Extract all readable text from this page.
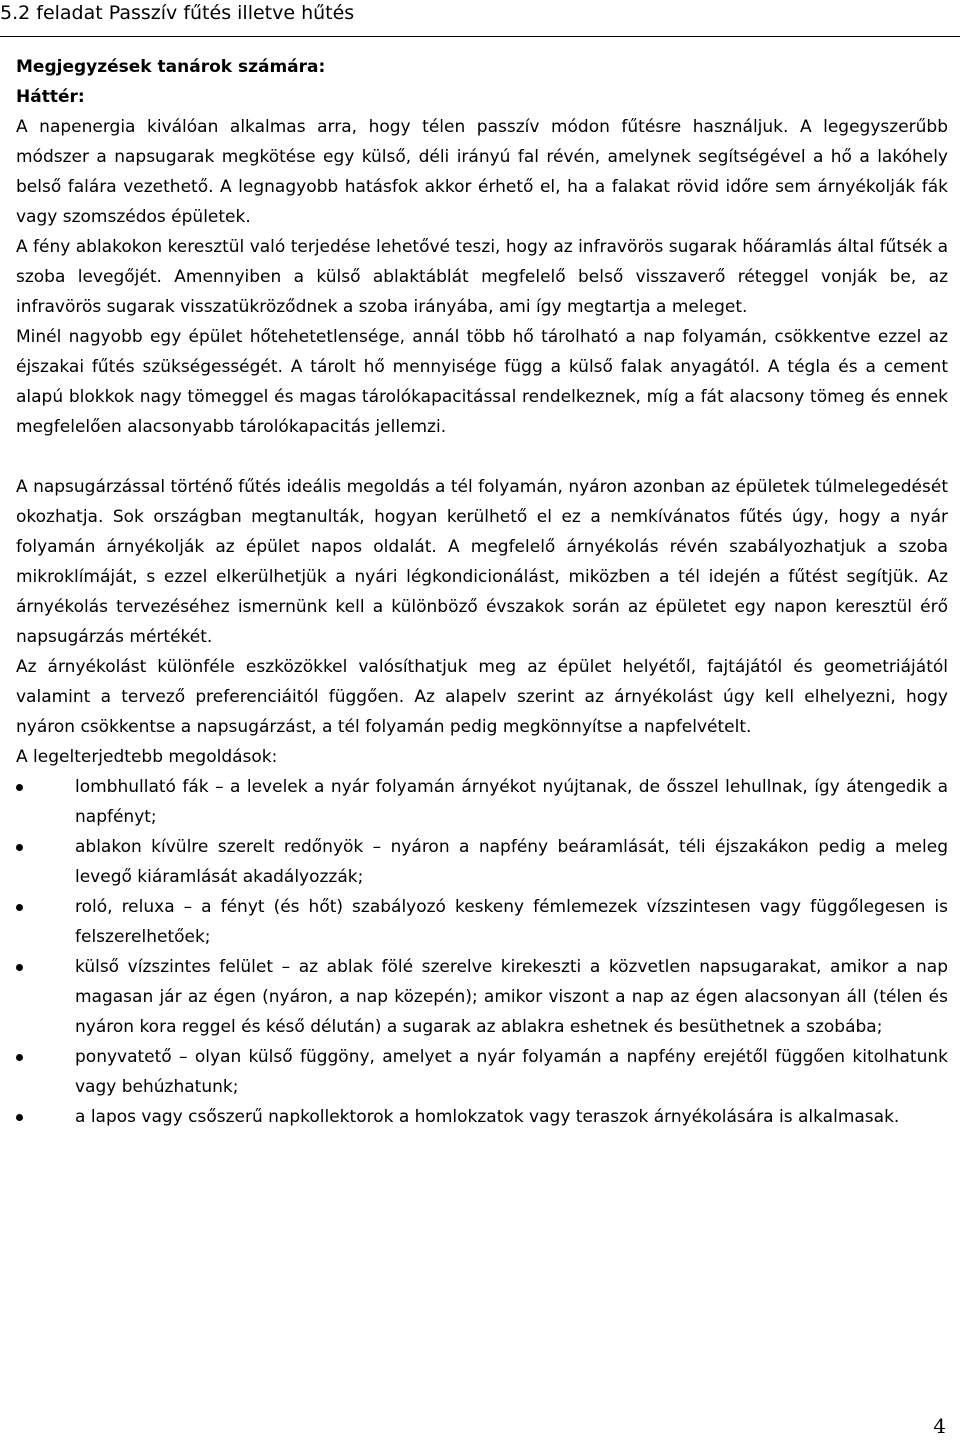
5.2 feladat Passzív fűtés illetve hűtés

Megjegyzések tanárok számára:

Háttér:

A napenergia kiválóan alkalmas arra, hogy télen passzív módon fűtésre használjuk. A legegyszerűbb módszer a napsugarak megkötése egy külső, déli irányú fal révén, amelynek segítségével a hő a lakóhely belső falára vezethető. A legnagyobb hatásfok akkor érhető el, ha a falakat rövid időre sem árnyékolják fák vagy szomszédos épületek.

A fény ablakokon keresztül való terjedése lehetővé teszi, hogy az infravörös sugarak hőáramlás által fűtsék a szoba levegőjét. Amennyiben a külső ablaktáblát megfelelő belső visszaverő réteggel vonják be, az infravörös sugarak visszatükröződnek a szoba irányába, ami így megtartja a meleget.

Minél nagyobb egy épület hőtehetetlensége, annál több hő tárolható a nap folyamán, csökkentve ezzel az éjszakai fűtés szükségességét. A tárolt hő mennyisége függ a külső falak anyagától. A tégla és a cement alapú blokkok nagy tömeggel és magas tárolókapacitással rendelkeznek, míg a fát alacsony tömeg és ennek megfelelően alacsonyabb tárolókapacitás jellemzi.

A napsugárzással történő fűtés ideális megoldás a tél folyamán, nyáron azonban az épületek túlmelegedését okozhatja. Sok országban megtanulták, hogyan kerülhető el ez a nemkívánatos fűtés úgy, hogy a nyár folyamán árnyékolják az épület napos oldalát. A megfelelő árnyékolás révén szabályozhatjuk a szoba mikroklímáját, s ezzel elkerülhetjük a nyári légkondicionálást, miközben a tél idején a fűtést segítjük. Az árnyékolás tervezéséhez ismernünk kell a különböző évszakok során az épületet egy napon keresztül érő napsugárzás mértékét.

Az árnyékolást különféle eszközökkel valósíthatjuk meg az épület helyétől, fajtájától és geometriájától valamint a tervező preferenciáitól függően. Az alapelv szerint az árnyékolást úgy kell elhelyezni, hogy nyáron csökkentse a napsugárzást, a tél folyamán pedig megkönnyítse a napfelvételt.

A legelterjedtebb megoldások:

lombhullató fák – a levelek a nyár folyamán árnyékot nyújtanak, de ősszel lehullnak, így átengedik a napfényt;
ablakon kívülre szerelt redőnyök – nyáron a napfény beáramlását, téli éjszakákon pedig a meleg levegő kiáramlását akadályozzák;
roló, reluxa – a fényt (és hőt) szabályozó keskeny fémlemezek vízszintesen vagy függőlegesen is felszerelhetőek;
külső vízszintes felület – az ablak fölé szerelve kirekeszti a közvetlen napsugarakat, amikor a nap magasan jár az égen (nyáron, a nap közepén); amikor viszont a nap az égen alacsonyan áll (télen és nyáron kora reggel és késő délután) a sugarak az ablakra eshetnek és besüthetnek a szobába;
ponyvatető – olyan külső függöny, amelyet a nyár folyamán a napfény erejétől függően kitolhatunk vagy behúzhatunk;
a lapos vagy csőszerű napkollektorok a homlokzatok vagy teraszok árnyékolására is alkalmasak.
4
